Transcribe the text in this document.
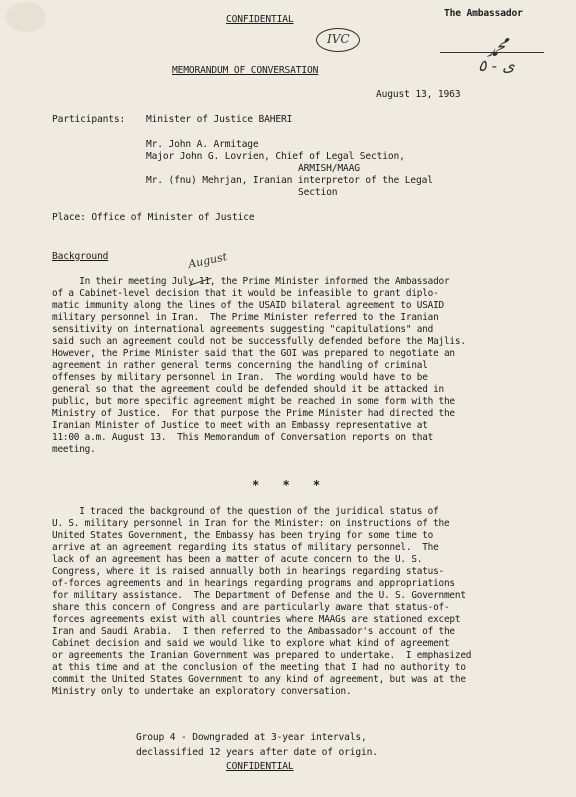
CONFIDENTIAL
The Ambassador
IVC
ﷴ
ى - ٥
MEMORANDUM OF CONVERSATION
August 13, 1963
Participants: Minister of Justice BAHERI
Mr. John A. Armitage
Major John G. Lovrien, Chief of Legal Section,
ARMISH/MAAG
Mr. (fnu) Mehrjan, Iranian interpretor of the Legal
Section
Place: Office of Minister of Justice
Background	August
In their meeting July 11, the Prime Minister informed the Ambassador
of a Cabinet-level decision that it would be infeasible to grant diplo-
matic immunity along the lines of the USAID bilateral agreement to USAID
military personnel in Iran.  The Prime Minister referred to the Iranian
sensitivity on international agreements suggesting "capitulations" and
said such an agreement could not be successfully defended before the Majlis.
However, the Prime Minister said that the GOI was prepared to negotiate an
agreement in rather general terms concerning the handling of criminal
offenses by military personnel in Iran.  The wording would have to be
general so that the agreement could be defended should it be attacked in
public, but more specific agreement might be reached in some form with the
Ministry of Justice.  For that purpose the Prime Minister had directed the
Iranian Minister of Justice to meet with an Embassy representative at
11:00 a.m. August 13.  This Memorandum of Conversation reports on that
meeting.
* * *
I traced the background of the question of the juridical status of
U. S. military personnel in Iran for the Minister: on instructions of the
United States Government, the Embassy has been trying for some time to
arrive at an agreement regarding its status of military personnel.  The
lack of an agreement has been a matter of acute concern to the U. S.
Congress, where it is raised annually both in hearings regarding status-
of-forces agreements and in hearings regarding programs and appropriations
for military assistance.  The Department of Defense and the U. S. Government
share this concern of Congress and are particularly aware that status-of-
forces agreements exist with all countries where MAAGs are stationed except
Iran and Saudi Arabia.  I then referred to the Ambassador's account of the
Cabinet decision and said we would like to explore what kind of agreement
or agreements the Iranian Government was prepared to undertake.  I emphasized
at this time and at the conclusion of the meeting that I had no authority to
commit the United States Government to any kind of agreement, but was at the
Ministry only to undertake an exploratory conversation.
Group 4 - Downgraded at 3-year intervals,
declassified 12 years after date of origin.
CONFIDENTIAL
